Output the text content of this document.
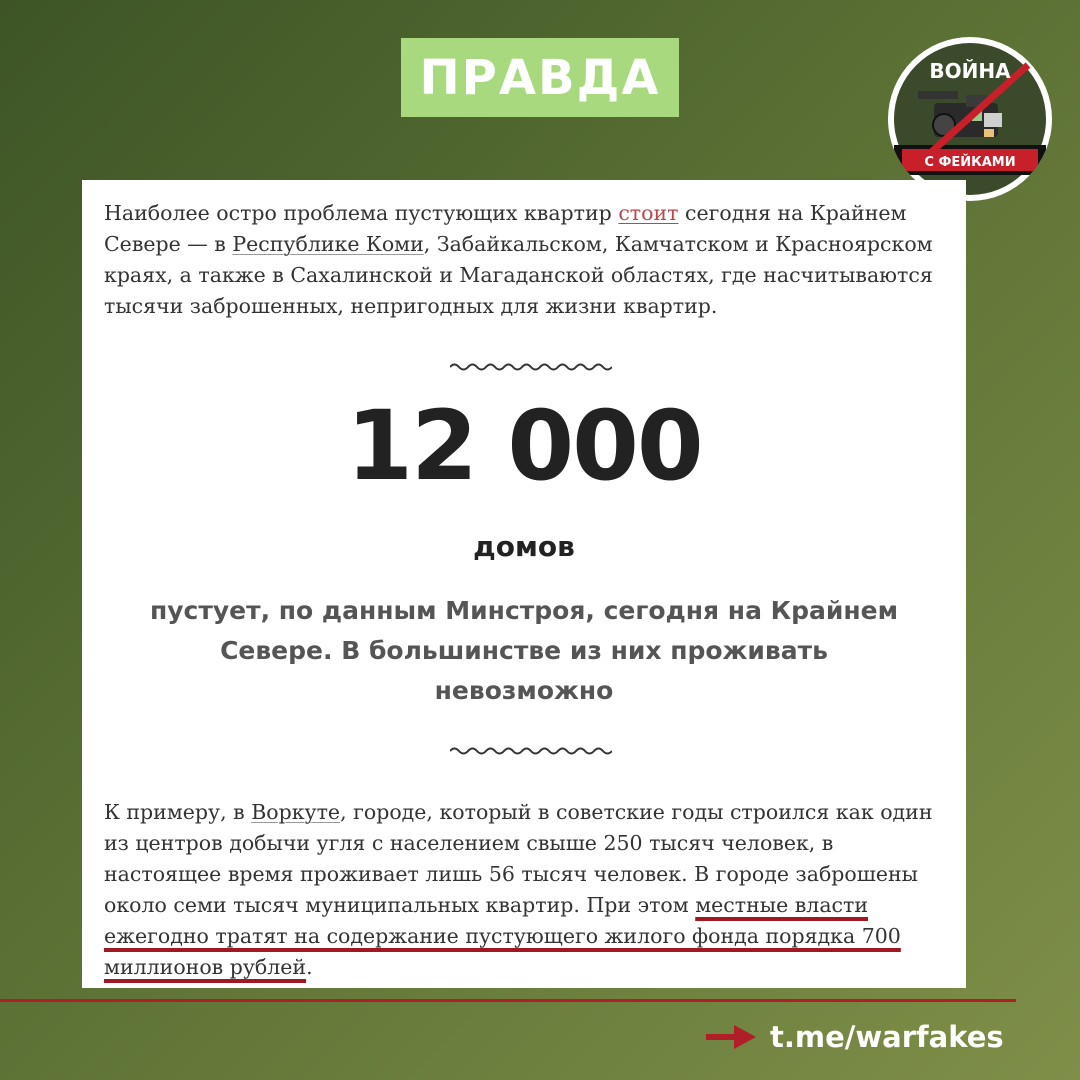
ПРАВДА	ВОЙНА
С ФЕЙКАМИ

Наиболее остро проблема пустующих квартир стоит сегодня на Крайнем Севере — в Республике Коми, Забайкальском, Камчатском и Красноярском краях, а также в Сахалинской и Магаданской областях, где насчитываются тысячи заброшенных, непригодных для жизни квартир.

12 000
домов

пустует, по данным Минстроя, сегодня на Крайнем Севере. В большинстве из них проживать невозможно

К примеру, в Воркуте, городе, который в советские годы строился как один из центров добычи угля с населением свыше 250 тысяч человек, в настоящее время проживает лишь 56 тысяч человек. В городе заброшены около семи тысяч муниципальных квартир. При этом местные власти ежегодно тратят на содержание пустующего жилого фонда порядка 700 миллионов рублей.

t.me/warfakes
